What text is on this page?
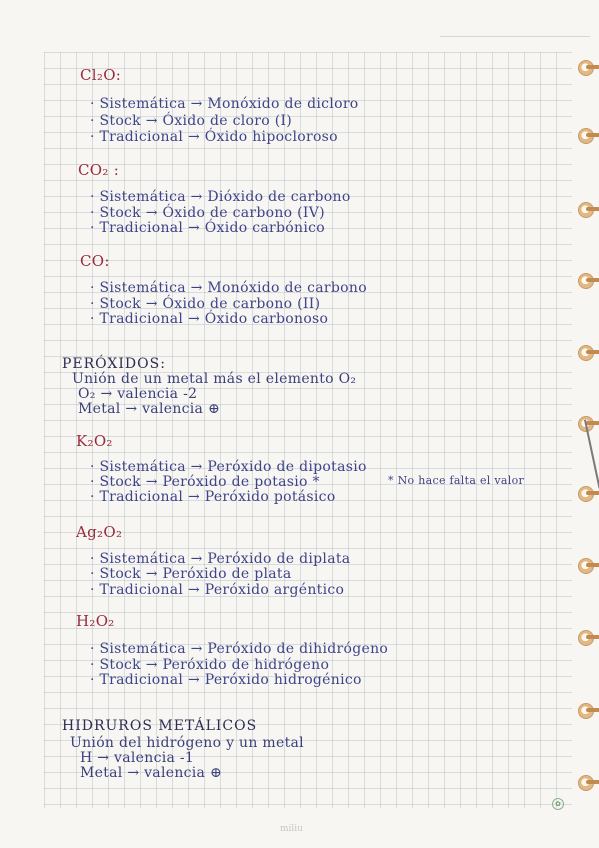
Cl₂O:
· Sistemática → Monóxido de dicloro
· Stock → Óxido de cloro (I)
· Tradicional → Óxido hipocloroso
CO₂ :
· Sistemática → Dióxido de carbono
· Stock → Óxido de carbono (IV)
· Tradicional → Óxido carbónico
CO:
· Sistemática → Monóxido de carbono
· Stock → Óxido de carbono (II)
· Tradicional → Óxido carbonoso
PERÓXIDOS:
Unión de un metal más el elemento O₂
O₂ → valencia -2
Metal → valencia ⊕
K₂O₂
· Sistemática → Peróxido de dipotasio
· Stock → Peróxido de potasio *
· Tradicional → Peróxido potásico
* No hace falta el valor
Ag₂O₂
· Sistemática → Peróxido de diplata
· Stock → Peróxido de plata
· Tradicional → Peróxido argéntico
H₂O₂
· Sistemática → Peróxido de dihidrógeno
· Stock → Peróxido de hidrógeno
· Tradicional → Peróxido hidrogénico
HIDRUROS METÁLICOS
Unión del hidrógeno y un metal
H → valencia -1
Metal → valencia ⊕
✿
miliu
